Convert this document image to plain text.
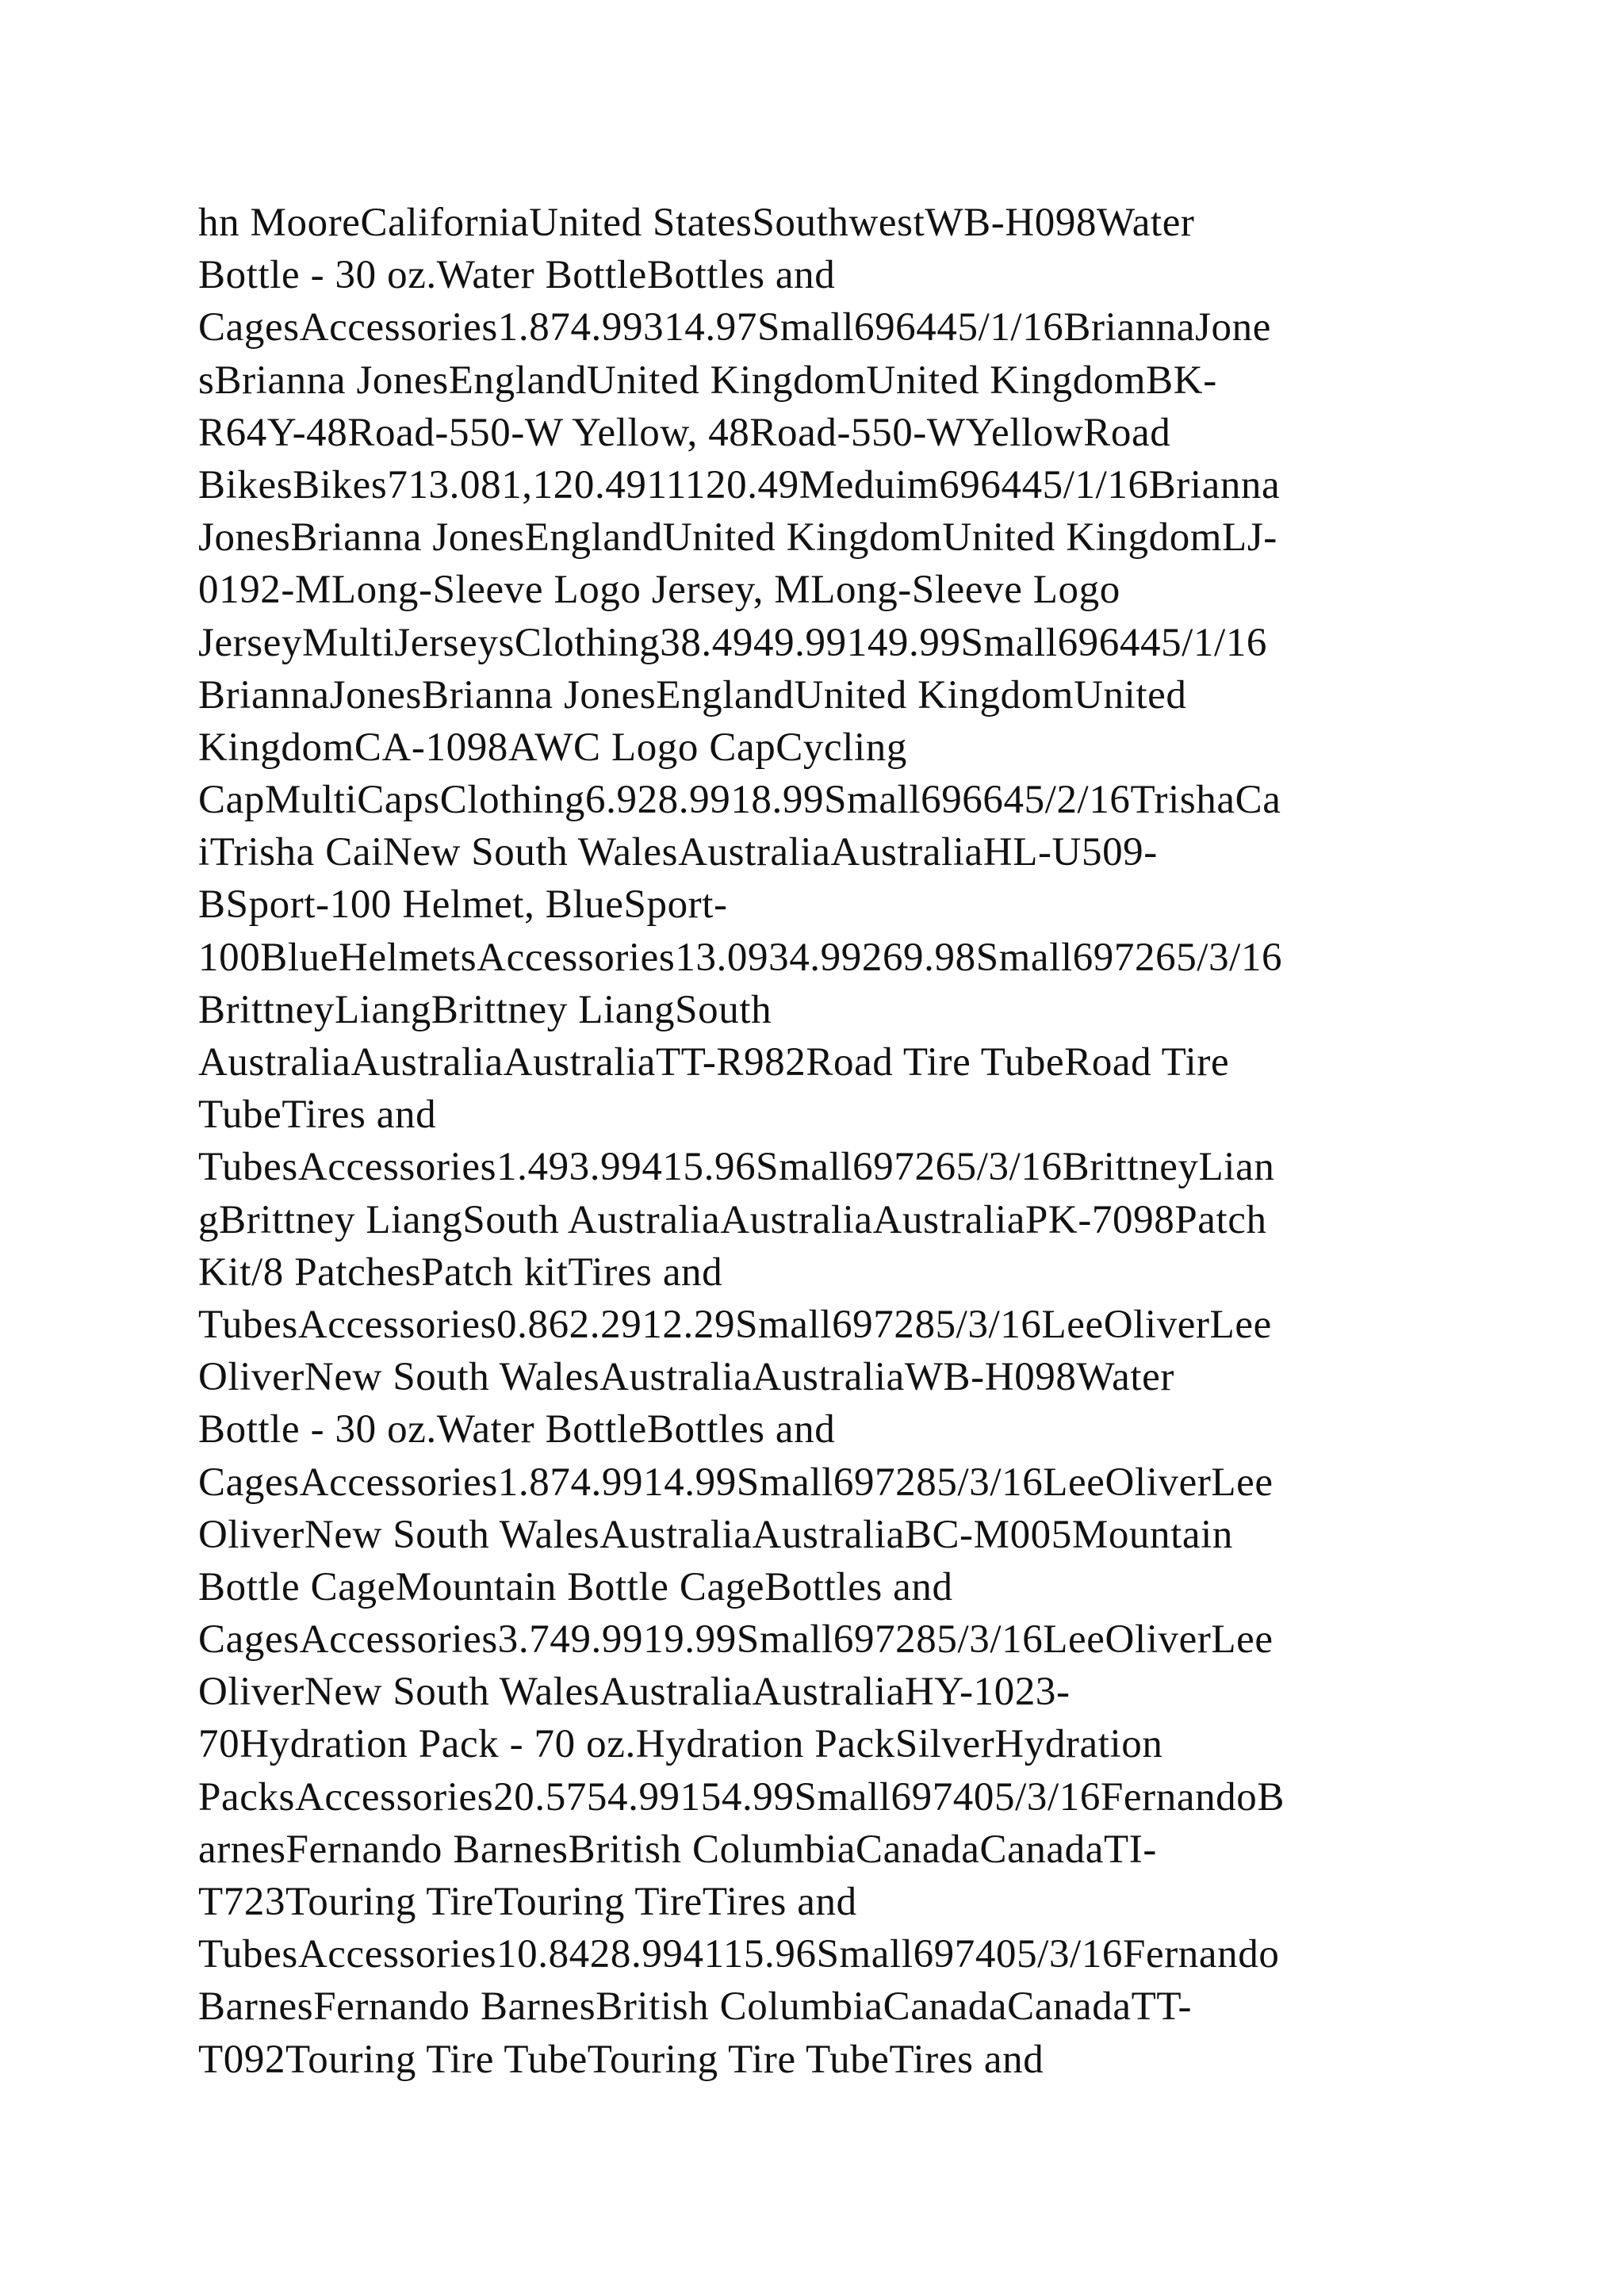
hn MooreCaliforniaUnited StatesSouthwestWB-H098Water
Bottle - 30 oz.Water BottleBottles and
CagesAccessories1.874.99314.97Small696445/1/16BriannaJone
sBrianna JonesEnglandUnited KingdomUnited KingdomBK-
R64Y-48Road-550-W Yellow, 48Road-550-WYellowRoad
BikesBikes713.081,120.4911120.49Meduim696445/1/16Brianna
JonesBrianna JonesEnglandUnited KingdomUnited KingdomLJ-
0192-MLong-Sleeve Logo Jersey, MLong-Sleeve Logo
JerseyMultiJerseysClothing38.4949.99149.99Small696445/1/16
BriannaJonesBrianna JonesEnglandUnited KingdomUnited
KingdomCA-1098AWC Logo CapCycling
CapMultiCapsClothing6.928.9918.99Small696645/2/16TrishaCa
iTrisha CaiNew South WalesAustraliaAustraliaHL-U509-
BSport-100 Helmet, BlueSport-
100BlueHelmetsAccessories13.0934.99269.98Small697265/3/16
BrittneyLiangBrittney LiangSouth
AustraliaAustraliaAustraliaTT-R982Road Tire TubeRoad Tire
TubeTires and
TubesAccessories1.493.99415.96Small697265/3/16BrittneyLian
gBrittney LiangSouth AustraliaAustraliaAustraliaPK-7098Patch
Kit/8 PatchesPatch kitTires and
TubesAccessories0.862.2912.29Small697285/3/16LeeOliverLee
OliverNew South WalesAustraliaAustraliaWB-H098Water
Bottle - 30 oz.Water BottleBottles and
CagesAccessories1.874.9914.99Small697285/3/16LeeOliverLee
OliverNew South WalesAustraliaAustraliaBC-M005Mountain
Bottle CageMountain Bottle CageBottles and
CagesAccessories3.749.9919.99Small697285/3/16LeeOliverLee
OliverNew South WalesAustraliaAustraliaHY-1023-
70Hydration Pack - 70 oz.Hydration PackSilverHydration
PacksAccessories20.5754.99154.99Small697405/3/16FernandoB
arnesFernando BarnesBritish ColumbiaCanadaCanadaTI-
T723Touring TireTouring TireTires and
TubesAccessories10.8428.994115.96Small697405/3/16Fernando
BarnesFernando BarnesBritish ColumbiaCanadaCanadaTT-
T092Touring Tire TubeTouring Tire TubeTires and
